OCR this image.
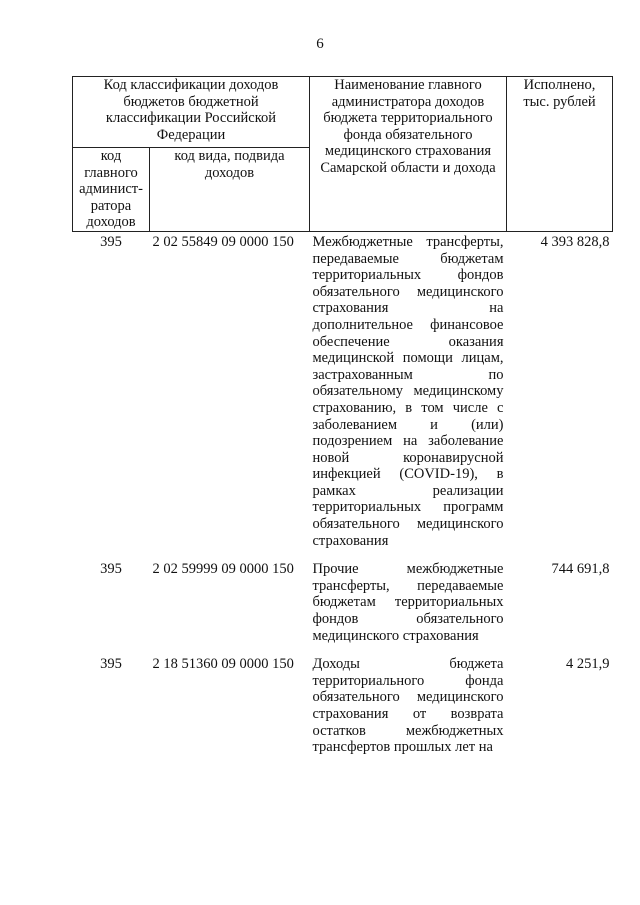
6
Код классификации доходов бюджетов бюджетной классификации Российской Федерации		Наименование главного администратора доходов бюджета территориального фонда обязательного медицинского страхования Самарской области и дохода	Исполнено, тыс. рублей
код главного админист-ратора доходов	код вида, подвида доходов		
395	2 02 55849 09 0000 150	Межбюджетные трансферты, передаваемые бюджетам территориальных фондов обязательного медицинского страхования на дополнительное финансовое обеспечение оказания медицинской помощи лицам, застрахованным по обязательному медицинскому страхованию, в том числе с заболеванием и (или) подозрением на заболевание новой коронавирусной инфекцией (COVID-19), в рамках реализации территориальных программ обязательного медицинского страхования	4 393 828,8
395	2 02 59999 09 0000 150	Прочие межбюджетные трансферты, передаваемые бюджетам территориальных фондов обязательного медицинского страхования	744 691,8
395	2 18 51360 09 0000 150	Доходы бюджета территориального фонда обязательного медицинского страхования от возврата остатков межбюджетных трансфертов прошлых лет на	4 251,9
